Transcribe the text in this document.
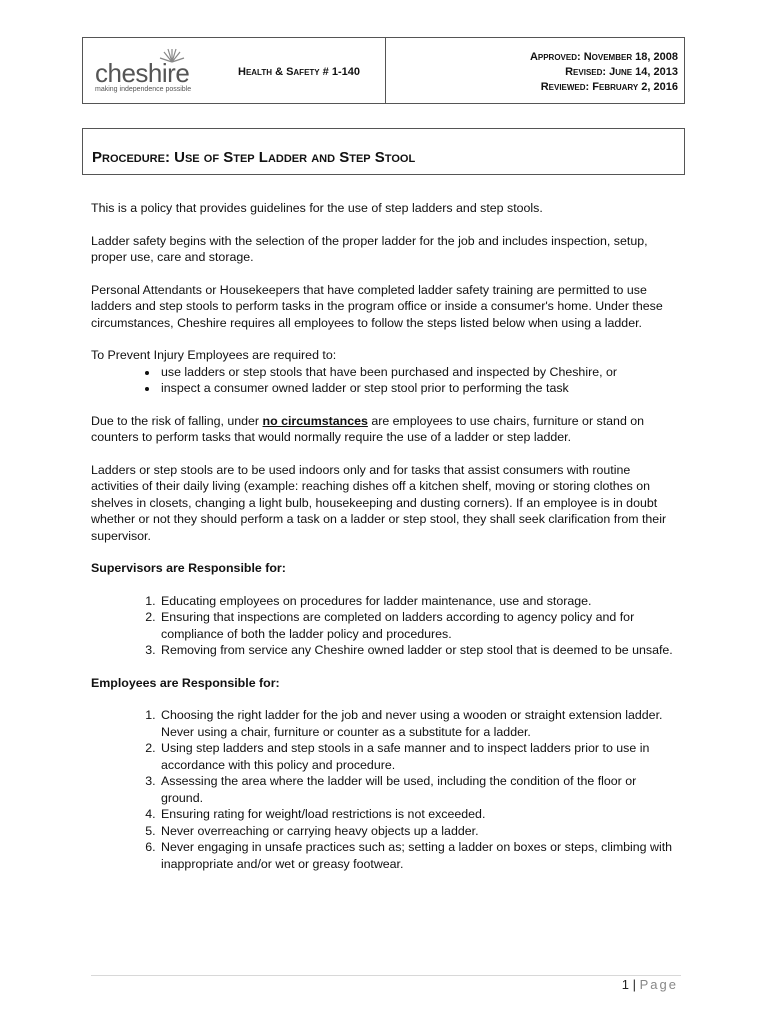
cheshire
making independence possible
Health & Safety # 1-140
Approved: November 18, 2008
Revised: June 14, 2013
Reviewed: February 2, 2016
Procedure: Use of Step Ladder and Step Stool

This is a policy that provides guidelines for the use of step ladders and step stools.

Ladder safety begins with the selection of the proper ladder for the job and includes inspection, setup, proper use, care and storage.

Personal Attendants or Housekeepers that have completed ladder safety training are permitted to use ladders and step stools to perform tasks in the program office or inside a consumer's home. Under these circumstances, Cheshire requires all employees to follow the steps listed below when using a ladder.

To Prevent Injury Employees are required to:

• use ladders or step stools that have been purchased and inspected by Cheshire, or
• inspect a consumer owned ladder or step stool prior to performing the task

Due to the risk of falling, under no circumstances are employees to use chairs, furniture or stand on counters to perform tasks that would normally require the use of a ladder or step ladder.

Ladders or step stools are to be used indoors only and for tasks that assist consumers with routine activities of their daily living (example: reaching dishes off a kitchen shelf, moving or storing clothes on shelves in closets, changing a light bulb, housekeeping and dusting corners). If an employee is in doubt whether or not they should perform a task on a ladder or step stool, they shall seek clarification from their supervisor.

Supervisors are Responsible for:

1. Educating employees on procedures for ladder maintenance, use and storage.
2. Ensuring that inspections are completed on ladders according to agency policy and for compliance of both the ladder policy and procedures.
3. Removing from service any Cheshire owned ladder or step stool that is deemed to be unsafe.

Employees are Responsible for:

1. Choosing the right ladder for the job and never using a wooden or straight extension ladder. Never using a chair, furniture or counter as a substitute for a ladder.
2. Using step ladders and step stools in a safe manner and to inspect ladders prior to use in accordance with this policy and procedure.
3. Assessing the area where the ladder will be used, including the condition of the floor or ground.
4. Ensuring rating for weight/load restrictions is not exceeded.
5. Never overreaching or carrying heavy objects up a ladder.
6. Never engaging in unsafe practices such as; setting a ladder on boxes or steps, climbing with inappropriate and/or wet or greasy footwear.
1 | Page
